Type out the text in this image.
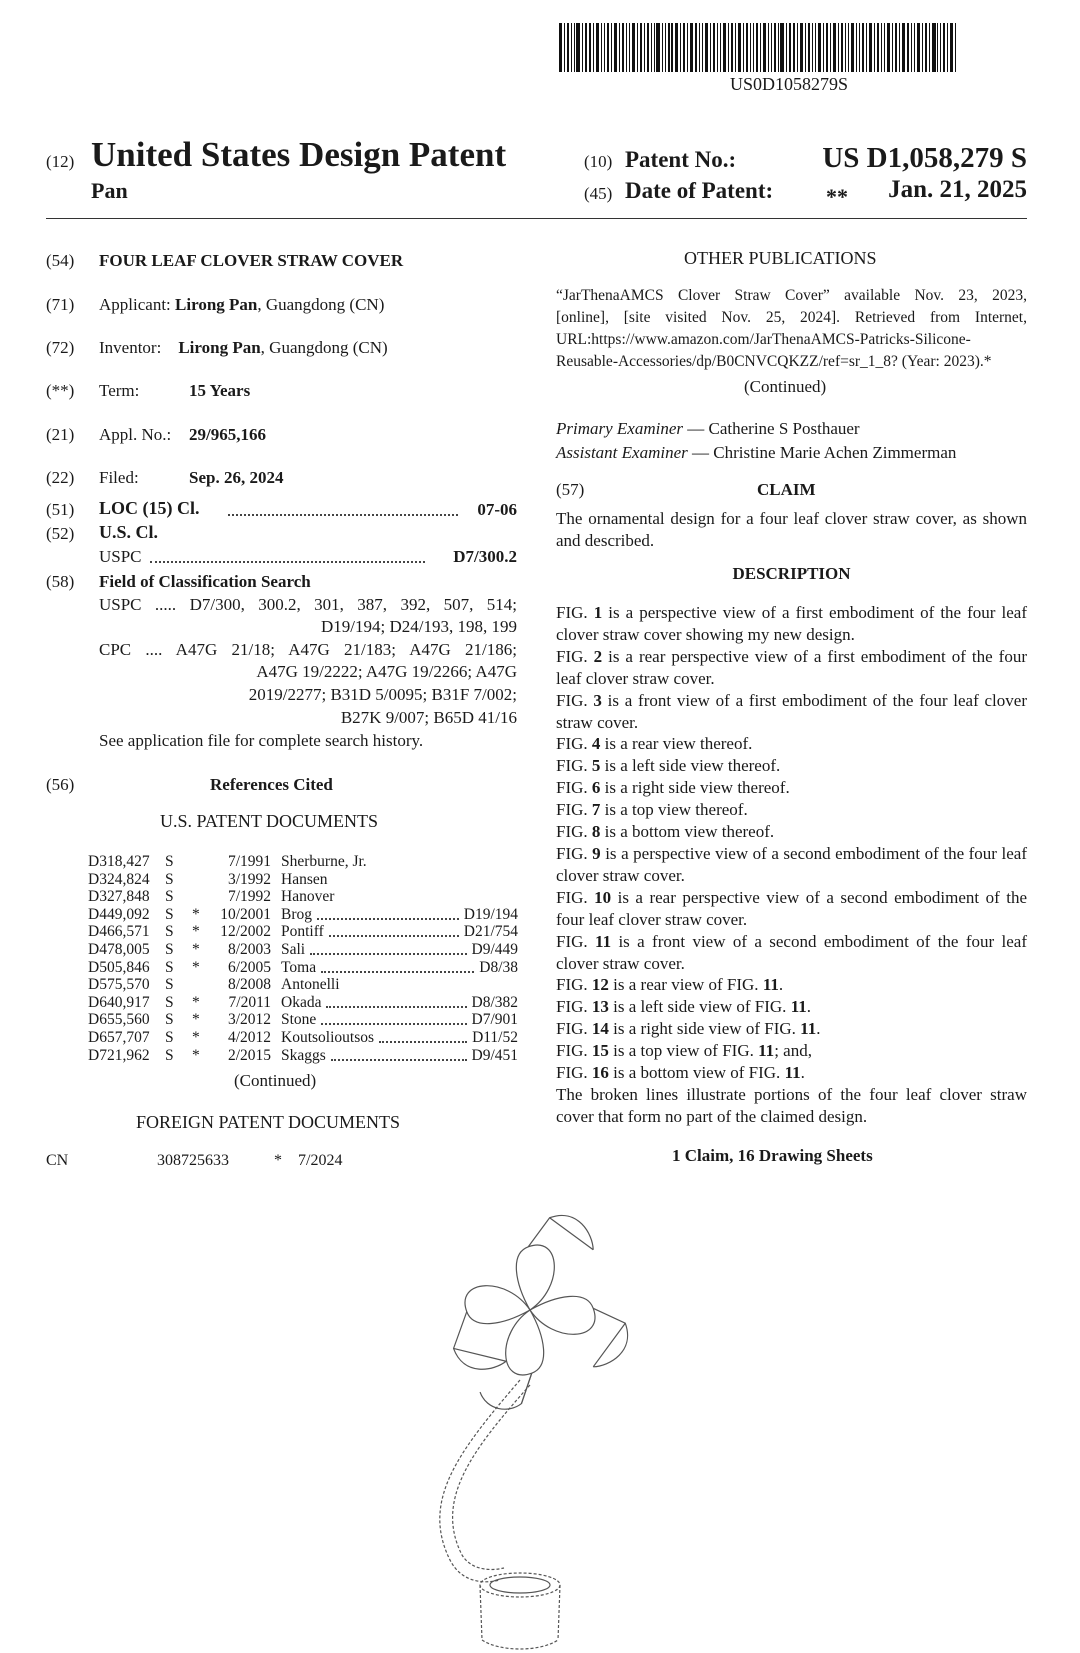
US0D1058279S
(12) United States Design Patent
Pan
(10) Patent No.:	US D1,058,279 S
(45) Date of Patent: ** Jan. 21, 2025
(54) FOUR LEAF CLOVER STRAW COVER
(71) Applicant: Lirong Pan, Guangdong (CN)
(72) Inventor: Lirong Pan, Guangdong (CN)
(**) Term:	15 Years
(21) Appl. No.: 29/965,166
(22) Filed:	Sep. 26, 2024
(51) LOC (15) Cl.	07-06
(52) U.S. Cl.
USPC	D7/300.2
(58) Field of Classification Search
USPC ..... D7/300, 300.2, 301, 387, 392, 507, 514;
D19/194; D24/193, 198, 199
CPC .... A47G 21/18; A47G 21/183; A47G 21/186;
A47G 19/2222; A47G 19/2266; A47G
2019/2277; B31D 5/0095; B31F 7/002;
B27K 9/007; B65D 41/16
See application file for complete search history.
(56)	References Cited
U.S. PATENT DOCUMENTS
D318,427 S	7/1991 Sherburne, Jr.
D324,824 S	3/1992 Hansen
D327,848 S	7/1992 Hanover
D449,092 S * 10/2001 Brog	D19/194
D466,571 S * 12/2002 Pontiff	D21/754
D478,005 S * 8/2003 Sali	D9/449
D505,846 S * 6/2005 Toma	D8/38
D575,570 S	8/2008 Antonelli
D640,917 S * 7/2011 Okada	D8/382
D655,560 S * 3/2012 Stone	D7/901
D657,707 S * 4/2012 Koutsolioutsos	D11/52
D721,962 S * 2/2015 Skaggs	D9/451
(Continued)
FOREIGN PATENT DOCUMENTS
CN	308725633	* 7/2024
OTHER PUBLICATIONS
“JarThenaAMCS Clover Straw Cover” available Nov. 23, 2023,
[online], [site visited Nov. 25, 2024]. Retrieved from Internet,
URL:https://www.amazon.com/JarThenaAMCS-Patricks-Silicone-
Reusable-Accessories/dp/B0CNVCQKZZ/ref=sr_1_8? (Year: 2023).*
(Continued)
Primary Examiner — Catherine S Posthauer
Assistant Examiner — Christine Marie Achen Zimmerman
(57)	CLAIM
The ornamental design for a four leaf clover straw cover, as shown and described.
DESCRIPTION

FIG. 1 is a perspective view of a first embodiment of the four leaf clover straw cover showing my new design.

FIG. 2 is a rear perspective view of a first embodiment of the four leaf clover straw cover.

FIG. 3 is a front view of a first embodiment of the four leaf clover straw cover.

FIG. 4 is a rear view thereof.

FIG. 5 is a left side view thereof.

FIG. 6 is a right side view thereof.

FIG. 7 is a top view thereof.

FIG. 8 is a bottom view thereof.

FIG. 9 is a perspective view of a second embodiment of the four leaf clover straw cover.

FIG. 10 is a rear perspective view of a second embodiment of the four leaf clover straw cover.

FIG. 11 is a front view of a second embodiment of the four leaf clover straw cover.

FIG. 12 is a rear view of FIG. 11.

FIG. 13 is a left side view of FIG. 11.

FIG. 14 is a right side view of FIG. 11.

FIG. 15 is a top view of FIG. 11; and,

FIG. 16 is a bottom view of FIG. 11.

The broken lines illustrate portions of the four leaf clover straw cover that form no part of the claimed design.

1 Claim, 16 Drawing Sheets
